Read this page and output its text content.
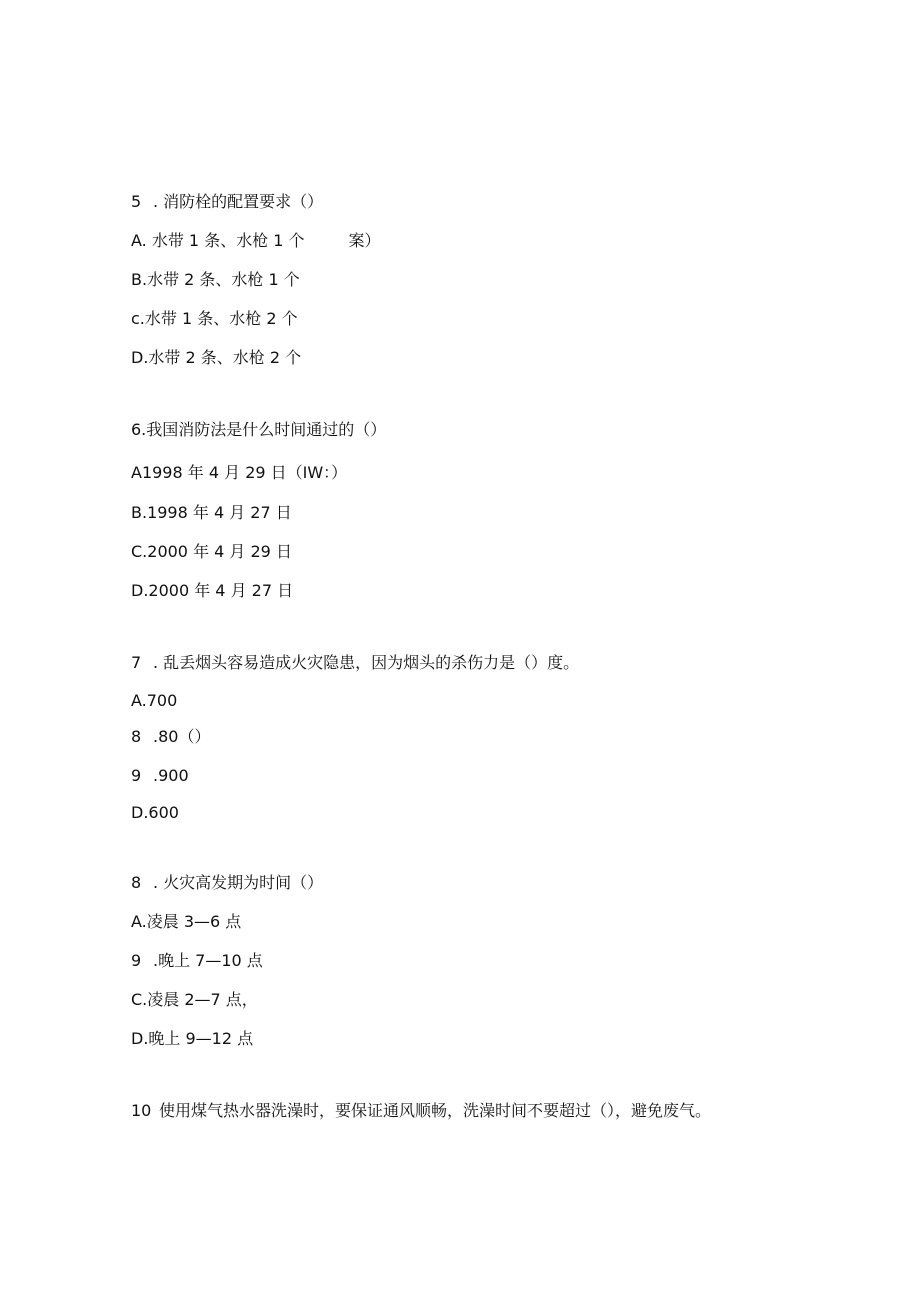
5 . 消防栓的配置要求（）

A. 水带 1 条、水枪 1 个	案）

B.水带 2 条、水枪 1 个

c.水带 1 条、水枪 2 个

D.水带 2 条、水枪 2 个

6.我国消防法是什么时间通过的（）

A1998 年 4 月 29 日（IW：）

B.1998 年 4 月 27 日

C.2000 年 4 月 29 日

D.2000 年 4 月 27 日

7 . 乱丢烟头容易造成火灾隐患，因为烟头的杀伤力是（）度。

A.700

8 .80（）

9 .900

D.600

8 . 火灾高发期为时间（）

A.凌晨 3—6 点

9 .晚上 7—10 点

C.凌晨 2—7 点，

D.晚上 9—12 点

10 使用煤气热水器洗澡时，要保证通风顺畅，洗澡时间不要超过（），避免废气。
